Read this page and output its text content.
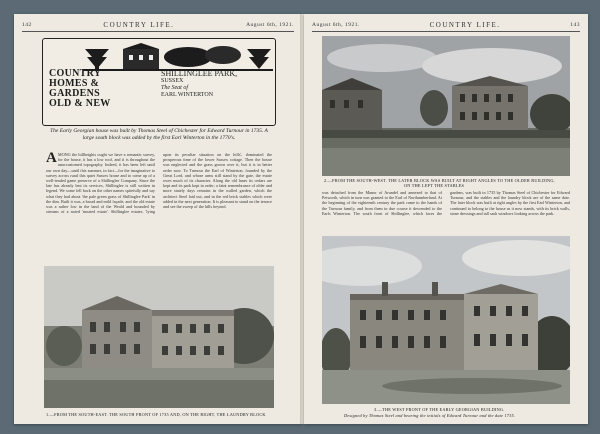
142	COUNTRY LIFE.	August 6th, 1921.
COUNTRY
HOMES &
GARDENS
OLD & NEW
SHILLINGLEE PARK,
SUSSEX
The Seat of
EARL WINTERTON
The Early Georgian house was built by Thomas Steel of Chichester for Edward Turnour in 1735. A large south block was added by the first Earl Winterton in the 1770's.
AMONG the hillheights ought we have a romantic survey, for the house, it has a low roof, and it is throughout the unaccustomed topography. Indeed, it has been left until our own day—until this summer, in fact—for the imaginative to survey across rural this quiet Sussex house and to come up of a well-tended game preserve of a Shillinglee Company. Since the late has already lent its services, Shillinglee is still written in legend. We some fell back on the other names spitefully and say what they had about 'the pale green grass of Shillinglee Park' in the dim. Built it was, a broad and mild façade, and the old estate was a rather low in the land of the Weald and bounded by streams of a noted 'moated estate'. Shillinglee estates, 'lying upon its peculiar situation on the hills', dominated the prosperous time of the lower Sussex cottage. Then the house was neglected and the grass grown over it, but it is in better order now. To Turnour the Earl of Winterton, founded by the Great Lord, and whose arms still stand by the gate, the estate owes much of its character. Along the old lanes its cedars are kept and its park kept in order; a faint remembrance of older and more stately days remains in the walled garden, which the architect Steel laid out, and in the red brick stables which were added in the next generation. It is pleasant to stand on the terrace and see the sweep of the hills beyond.
1.—FROM THE SOUTH-EAST. THE SOUTH FRONT OF 1735 AND, ON THE RIGHT, THE LAUNDRY BLOCK
August 6th, 1921.	COUNTRY LIFE.	143
2.—FROM THE SOUTH-WEST. THE LATER BLOCK WAS BUILT AT RIGHT ANGLES TO THE OLDER BUILDING,
ON THE LEFT THE STABLES
was detached from the Manor of Arundel and annexed to that of Petworth, which in turn was granted to the Earl of Northumberland. At the beginning of the eighteenth century the park came to the hands of the Turnour family, and from them in due course it descended to the Earls Winterton. The south front of Shillinglee, which faces the gardens, was built in 1735 by Thomas Steel of Chichester for Edward Turnour, and the stables and the laundry block are of the same date. The later block was built at right angles by the first Earl Winterton, and continued to belong to the house as it now stands, with its brick walls, stone dressings and tall sash windows looking across the park.
3.—THE WEST FRONT OF THE EARLY GEORGIAN BUILDING.
Designed by Thomas Steel and bearing the initials of Edward Turnour and the date 1735.
